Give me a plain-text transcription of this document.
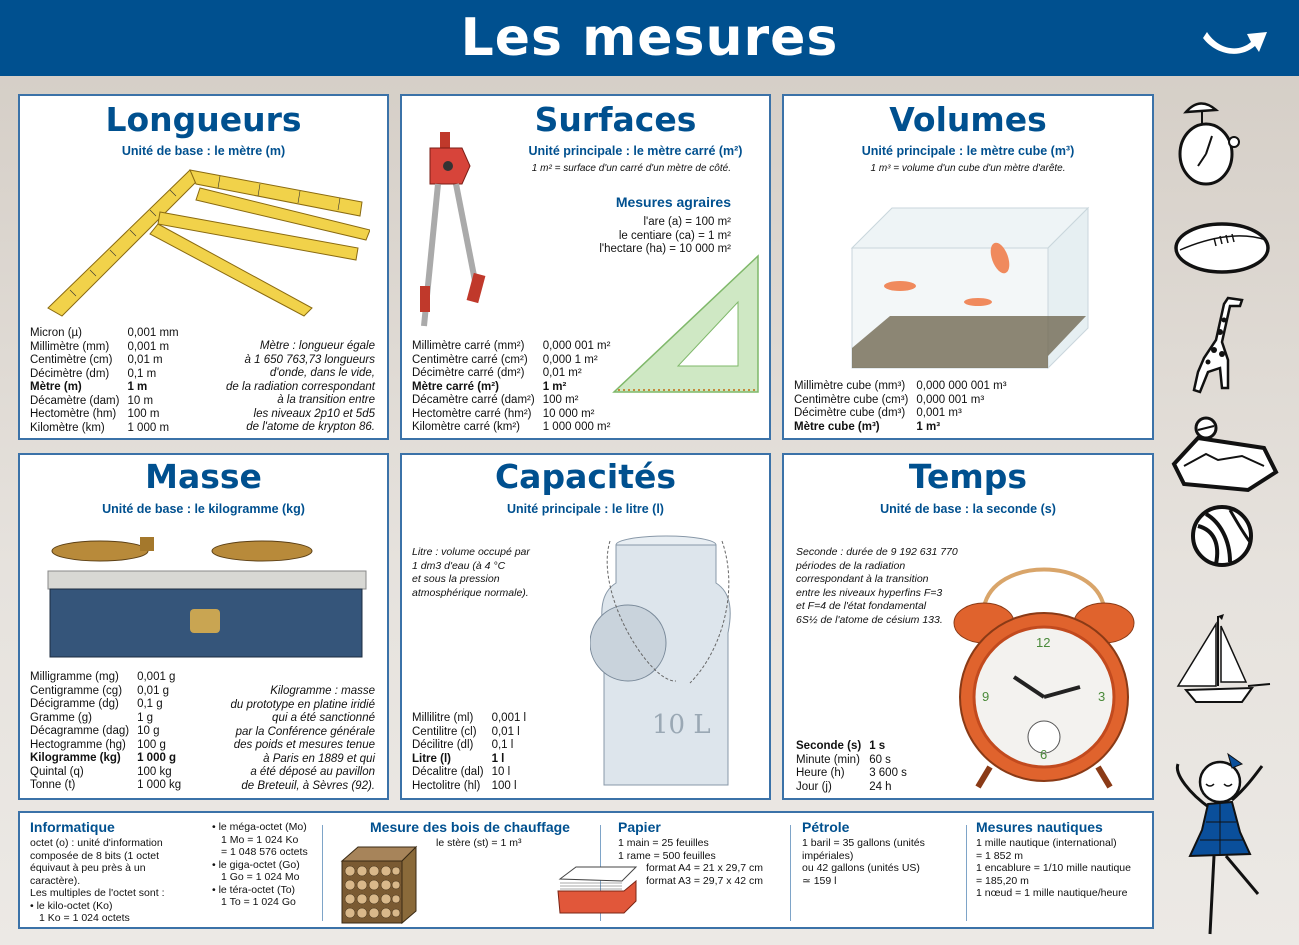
Les mesures
Longueurs
Unité de base : le mètre (m)
Micron (µ)	0,001 mm
Millimètre (mm)	0,001 m
Centimètre (cm)	0,01 m
Décimètre (dm)	0,1 m
Mètre (m)	1 m
Décamètre (dam)	10 m
Hectomètre (hm)	100 m
Kilomètre (km)	1 000 m
Mètre : longueur égale
à 1 650 763,73 longueurs
d'onde, dans le vide,
de la radiation correspondant
à la transition entre
les niveaux 2p10 et 5d5
de l'atome de krypton 86.
Surfaces
Unité principale : le mètre carré (m²)
1 m² = surface d'un carré d'un mètre de côté.
Mesures agraires
l'are (a) = 100 m²
le centiare (ca) = 1 m²
l'hectare (ha) = 10 000 m²
Millimètre carré (mm²)	0,000 001 m²
Centimètre carré (cm²)	0,000 1 m²
Décimètre carré (dm²)	0,01 m²
Mètre carré (m²)	1 m²
Décamètre carré (dam²)	100 m²
Hectomètre carré (hm²)	10 000 m²
Kilomètre carré (km²)	1 000 000 m²
Volumes
Unité principale : le mètre cube (m³)
1 m³ = volume d'un cube d'un mètre d'arête.
Millimètre cube (mm³)	0,000 000 001 m³
Centimètre cube (cm³)	0,000 001 m³
Décimètre cube (dm³)	0,001 m³
Mètre cube (m³)	1 m³
Masse
Unité de base : le kilogramme (kg)
Milligramme (mg)	0,001 g
Centigramme (cg)	0,01 g
Décigramme (dg)	0,1 g
Gramme (g)	1 g
Décagramme (dag)	10 g
Hectogramme (hg)	100 g
Kilogramme (kg)	1 000 g
Quintal (q)	100 kg
Tonne (t)	1 000 kg
Kilogramme : masse
du prototype en platine iridié
qui a été sanctionné
par la Conférence générale
des poids et mesures tenue
à Paris en 1889 et qui
a été déposé au pavillon
de Breteuil, à Sèvres (92).
Capacités
Unité principale : le litre (l)
Litre : volume occupé par
1 dm3 d'eau (à 4 °C
et sous la pression
atmosphérique normale).
10 L
Millilitre (ml)	0,001 l
Centilitre (cl)	0,01 l
Décilitre (dl)	0,1 l
Litre (l)	1 l
Décalitre (dal)	10 l
Hectolitre (hl)	100 l
Temps
Unité de base : la seconde (s)
Seconde : durée de 9 192 631 770
périodes de la radiation
correspondant à la transition
entre les niveaux hyperfins F=3
et F=4 de l'état fondamental
6S½ de l'atome de césium 133.
12
9	3
6
Seconde (s)	1 s
Minute (min)	60 s
Heure (h)	3 600 s
Jour (j)	24 h
Informatique
octet (o) : unité d'information
composée de 8 bits (1 octet
équivaut à peu près à un
caractère).
Les multiples de l'octet sont :
• le kilo-octet (Ko)
1 Ko = 1 024 octets
• le méga-octet (Mo)
1 Mo = 1 024 Ko
= 1 048 576 octets
• le giga-octet (Go)
1 Go = 1 024 Mo
• le téra-octet (To)
1 To = 1 024 Go
Mesure des bois de chauffage
le stère (st) = 1 m³
Papier
1 main = 25 feuilles
1 rame = 500 feuilles
format A4 = 21 x 29,7 cm
format A3 = 29,7 x 42 cm
Pétrole
1 baril = 35 gallons (unités
impériales)
ou 42 gallons (unités US)
≃ 159 l
Mesures nautiques
1 mille nautique (international)
= 1 852 m
1 encablure = 1/10 mille nautique
= 185,20 m
1 nœud = 1 mille nautique/heure
